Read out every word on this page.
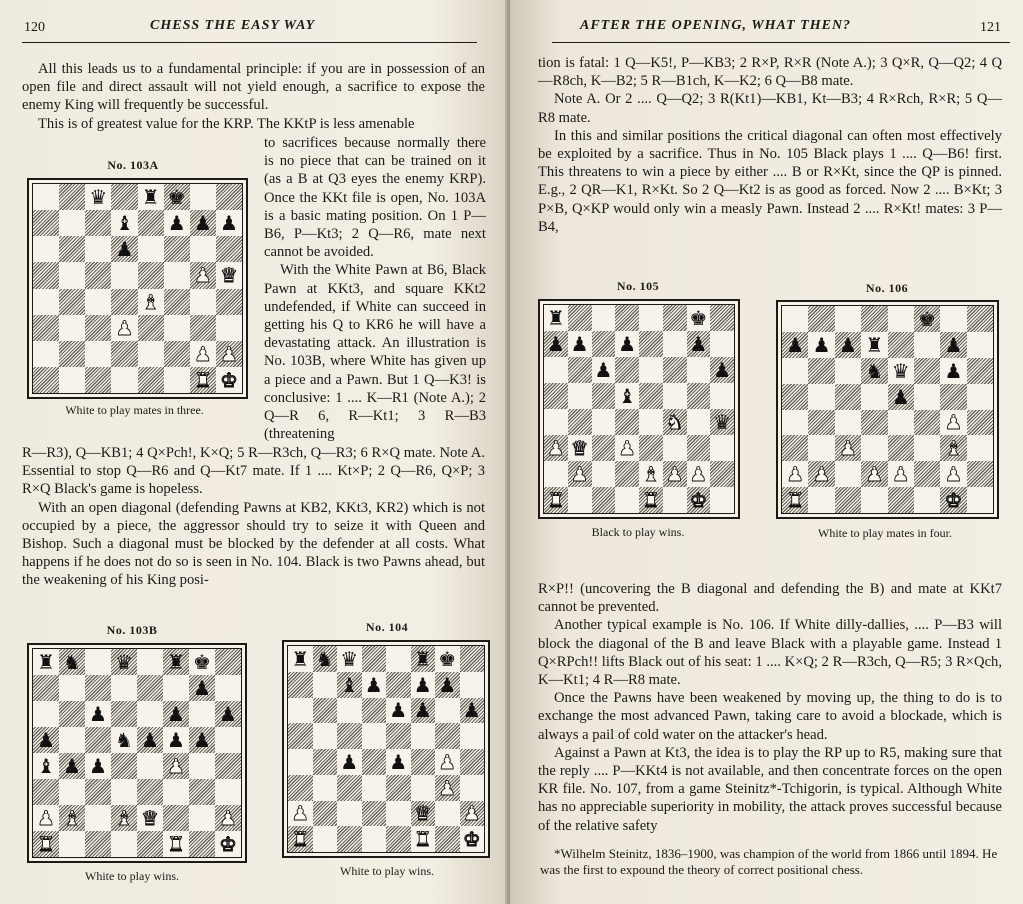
120	CHESS THE EASY WAY

All this leads us to a fundamental principle: if you are in possession of an open file and direct assault will not yield enough, a sacrifice to expose the enemy King will frequently be successful.

This is of greatest value for the KRP. The KKtP is less amenable

No. 103A
♛ ♜ ♚
♝ ♟ ♟ ♟
♟
♟ ♛
♝
♟
♟ ♟
♜ ♚
White to play mates in three.

to sacrifices because normally there is no piece that can be trained on it (as a B at Q3 eyes the enemy KRP). Once the KKt file is open, No. 103A is a basic mating position. On 1 P—B6, P—Kt3; 2 Q—R6, mate next cannot be avoided.

With the White Pawn at B6, Black Pawn at KKt3, and square KKt2 undefended, if White can succeed in getting his Q to KR6 he will have a devastating attack. An illustration is No. 103B, where White has given up a piece and a Pawn. But 1 Q—K3! is conclusive: 1 .... K—R1 (Note A.); 2 Q—R 6, R—Kt1; 3 R—B3 (threatening

R—R3), Q—KB1; 4 Q×Pch!, K×Q; 5 R—R3ch, Q—R3; 6 R×Q mate. Note A. Essential to stop Q—R6 and Q—Kt7 mate. If 1 .... Kt×P; 2 Q—R6, Q×P; 3 R×Q Black's game is hopeless.

With an open diagonal (defending Pawns at KB2, KKt3, KR2) which is not occupied by a piece, the aggressor should try to seize it with Queen and Bishop. Such a diagonal must be blocked by the defender at all costs. What happens if he does not do so is seen in No. 104. Black is two Pawns ahead, but the weakening of his King posi-

No. 103B
♜ ♞ ♛ ♜ ♚
♟
♟	♟ ♟
♟	♞ ♟ ♟ ♟
♝ ♟ ♟	♟
♟ ♝ ♝ ♛	♟
♜	♜ ♚
White to play wins.
No. 104
♜ ♞ ♛	♜ ♚
♝ ♟ ♟ ♟
♟ ♟ ♟
♟ ♟ ♟
♟
♟	♛ ♟
♜	♜ ♚
White to play wins.
AFTER THE OPENING, WHAT THEN?	121

tion is fatal: 1 Q—K5!, P—KB3; 2 R×P, R×R (Note A.); 3 Q×R, Q—Q2; 4 Q—R8ch, K—B2; 5 R—B1ch, K—K2; 6 Q—B8 mate.

Note A. Or 2 .... Q—Q2; 3 R(Kt1)—KB1, Kt—B3; 4 R×Rch, R×R; 5 Q—R8 mate.

In this and similar positions the critical diagonal can often most effectively be exploited by a sacrifice. Thus in No. 105 Black plays 1 .... Q—B6! first. This threatens to win a piece by either .... B or R×Kt, since the QP is pinned. E.g., 2 QR—K1, R×Kt. So 2 Q—Kt2 is as good as forced. Now 2 .... B×Kt; 3 P×B, Q×KP would only win a measly Pawn. Instead 2 .... R×Kt! mates: 3 P—B4,

No. 105
♜	♚
♟ ♟ ♟	♟
♟	♟
♝
♞ ♛
♟ ♛ ♟
♟	♝ ♟ ♟
♜	♜ ♚
Black to play wins.
No. 106
♚
♟ ♟ ♟ ♜	♟
♞ ♛ ♟
♟
♟
♟	♝
♟ ♟ ♟ ♟ ♟
♜	♚
White to play mates in four.

R×P!! (uncovering the B diagonal and defending the B) and mate at KKt7 cannot be prevented.

Another typical example is No. 106. If White dilly-dallies, .... P—B3 will block the diagonal of the B and leave Black with a playable game. Instead 1 Q×RPch!! lifts Black out of his seat: 1 .... K×Q; 2 R—R3ch, Q—R5; 3 R×Qch, K—Kt1; 4 R—R8 mate.

Once the Pawns have been weakened by moving up, the thing to do is to exchange the most advanced Pawn, taking care to avoid a blockade, which is always a pail of cold water on the attacker's head.

Against a Pawn at Kt3, the idea is to play the RP up to R5, making sure that the reply .... P—KKt4 is not available, and then concentrate forces on the open KR file. No. 107, from a game Steinitz*-Tchigorin, is typical. Although White has no appreciable superiority in mobility, the attack proves successful because of the relative safety

*Wilhelm Steinitz, 1836–1900, was champion of the world from 1866 until 1894. He was the first to expound the theory of correct positional chess.
